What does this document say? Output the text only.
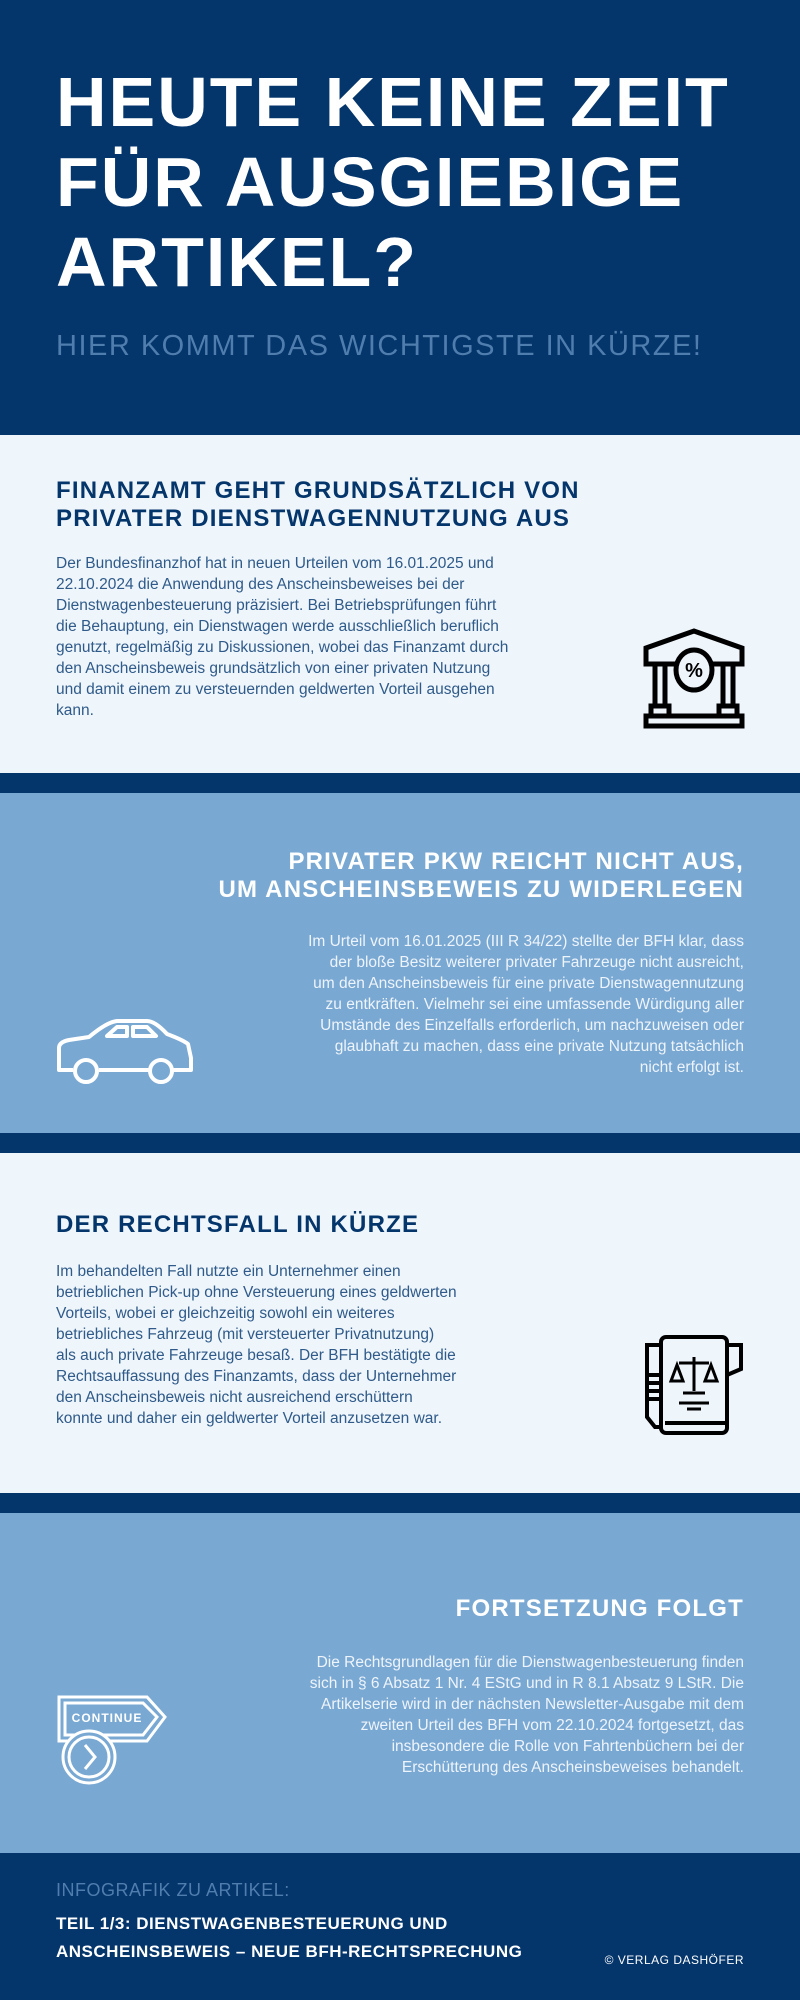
HEUTE KEINE ZEIT
FÜR AUSGIEBIGE
ARTIKEL?
HIER KOMMT DAS WICHTIGSTE IN KÜRZE!
FINANZAMT GEHT GRUNDSÄTZLICH VON
PRIVATER DIENSTWAGENNUTZUNG AUS
Der Bundesfinanzhof hat in neuen Urteilen vom 16.01.2025 und
22.10.2024 die Anwendung des Anscheinsbeweises bei der
Dienstwagenbesteuerung präzisiert. Bei Betriebsprüfungen führt
die Behauptung, ein Dienstwagen werde ausschließlich beruflich
genutzt, regelmäßig zu Diskussionen, wobei das Finanzamt durch
den Anscheinsbeweis grundsätzlich von einer privaten Nutzung
und damit einem zu versteuernden geldwerten Vorteil ausgehen
kann.
%
PRIVATER PKW REICHT NICHT AUS,
UM ANSCHEINSBEWEIS ZU WIDERLEGEN
Im Urteil vom 16.01.2025 (III R 34/22) stellte der BFH klar, dass
der bloße Besitz weiterer privater Fahrzeuge nicht ausreicht,
um den Anscheinsbeweis für eine private Dienstwagennutzung
zu entkräften. Vielmehr sei eine umfassende Würdigung aller
Umstände des Einzelfalls erforderlich, um nachzuweisen oder
glaubhaft zu machen, dass eine private Nutzung tatsächlich
nicht erfolgt ist.
DER RECHTSFALL IN KÜRZE
Im behandelten Fall nutzte ein Unternehmer einen
betrieblichen Pick-up ohne Versteuerung eines geldwerten
Vorteils, wobei er gleichzeitig sowohl ein weiteres
betriebliches Fahrzeug (mit versteuerter Privatnutzung)
als auch private Fahrzeuge besaß. Der BFH bestätigte die
Rechtsauffassung des Finanzamts, dass der Unternehmer
den Anscheinsbeweis nicht ausreichend erschüttern
konnte und daher ein geldwerter Vorteil anzusetzen war.
FORTSETZUNG FOLGT
Die Rechtsgrundlagen für die Dienstwagenbesteuerung finden
sich in § 6 Absatz 1 Nr. 4 EStG und in R 8.1 Absatz 9 LStR. Die
Artikelserie wird in der nächsten Newsletter-Ausgabe mit dem
zweiten Urteil des BFH vom 22.10.2024 fortgesetzt, das
insbesondere die Rolle von Fahrtenbüchern bei der
Erschütterung des Anscheinsbeweises behandelt.
CONTINUE
INFOGRAFIK ZU ARTIKEL:
TEIL 1/3: DIENSTWAGENBESTEUERUNG UND
ANSCHEINSBEWEIS – NEUE BFH-RECHTSPRECHUNG	© VERLAG DASHÖFER
